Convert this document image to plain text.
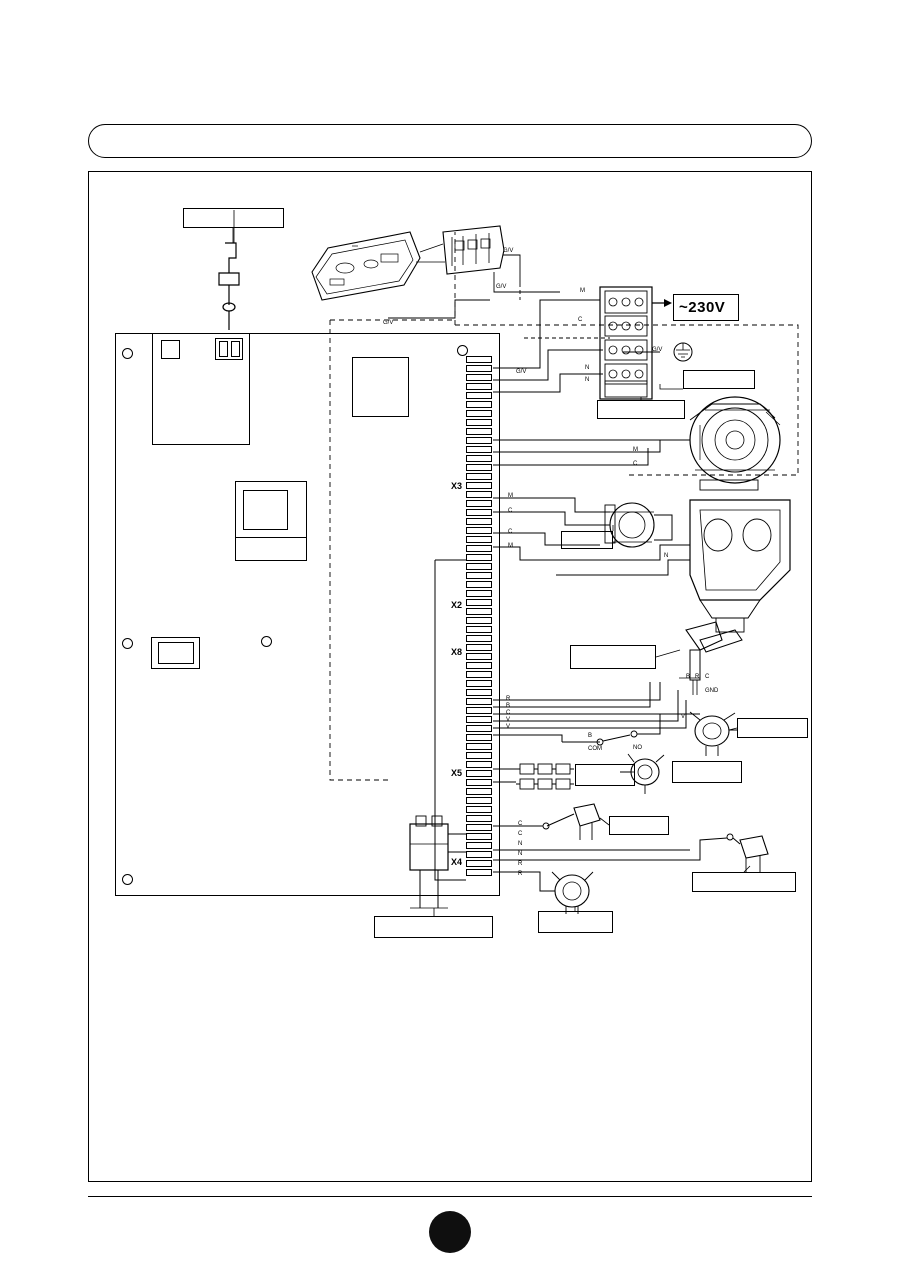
~230V
X3
X2
X8
X5
X4
G/V
G/V
G/V
G/V
G/V
M
C
N
N
M
C
N
M
C
C
M
R
B
C
V
V
V
B R C
GND
B
COM	NO
C
C
N
N
R
R
